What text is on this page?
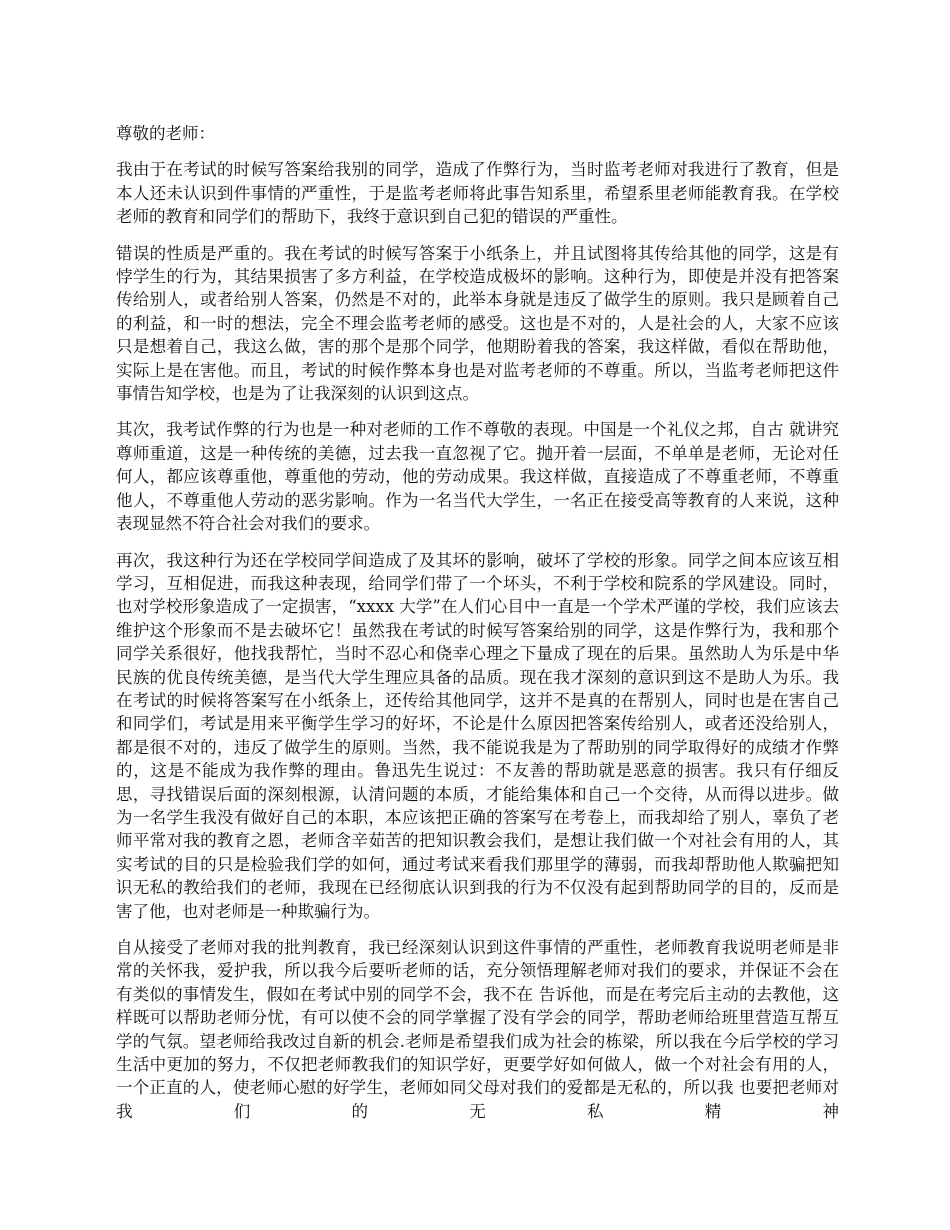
尊敬的老师：

我由于在考试的时候写答案给我别的同学，造成了作弊行为，当时监考老师对我进行了教育，但是本人还未认识到件事情的严重性，于是监考老师将此事告知系里，希望系里老师能教育我。在学校老师的教育和同学们的帮助下，我终于意识到自己犯的错误的严重性。

错误的性质是严重的。我在考试的时候写答案于小纸条上，并且试图将其传给其他的同学，这是有悖学生的行为，其结果损害了多方利益，在学校造成极坏的影响。这种行为，即使是并没有把答案传给别人，或者给别人答案，仍然是不对的，此举本身就是违反了做学生的原则。我只是顾着自己的利益，和一时的想法，完全不理会监考老师的感受。这也是不对的，人是社会的人，大家不应该只是想着自己，我这么做，害的那个是那个同学，他期盼着我的答案，我这样做，看似在帮助他，实际上是在害他。而且，考试的时候作弊本身也是对监考老师的不尊重。所以，当监考老师把这件事情告知学校，也是为了让我深刻的认识到这点。

其次，我考试作弊的行为也是一种对老师的工作不尊敬的表现。中国是一个礼仪之邦，自古 就讲究尊师重道，这是一种传统的美德，过去我一直忽视了它。抛开着一层面，不单单是老师，无论对任何人，都应该尊重他，尊重他的劳动，他的劳动成果。我这样做，直接造成了不尊重老师，不尊重他人，不尊重他人劳动的恶劣影响。作为一名当代大学生，一名正在接受高等教育的人来说，这种表现显然不符合社会对我们的要求。

再次，我这种行为还在学校同学间造成了及其坏的影响，破坏了学校的形象。同学之间本应该互相学习，互相促进，而我这种表现，给同学们带了一个坏头，不利于学校和院系的学风建设。同时，也对学校形象造成了一定损害，“xxxx 大学”在人们心目中一直是一个学术严谨的学校，我们应该去维护这个形象而不是去破坏它！虽然我在考试的时候写答案给别的同学，这是作弊行为，我和那个同学关系很好，他找我帮忙，当时不忍心和侥幸心理之下量成了现在的后果。虽然助人为乐是中华民族的优良传统美德，是当代大学生理应具备的品质。现在我才深刻的意识到这不是助人为乐。我在考试的时候将答案写在小纸条上，还传给其他同学，这并不是真的在帮别人，同时也是在害自己和同学们，考试是用来平衡学生学习的好坏，不论是什么原因把答案传给别人，或者还没给别人，都是很不对的，违反了做学生的原则。当然，我不能说我是为了帮助别的同学取得好的成绩才作弊的，这是不能成为我作弊的理由。鲁迅先生说过：不友善的帮助就是恶意的损害。我只有仔细反思，寻找错误后面的深刻根源，认清问题的本质，才能给集体和自己一个交待，从而得以进步。做为一名学生我没有做好自己的本职，本应该把正确的答案写在考卷上，而我却给了别人，辜负了老师平常对我的教育之恩，老师含辛茹苦的把知识教会我们，是想让我们做一个对社会有用的人，其实考试的目的只是检验我们学的如何，通过考试来看我们那里学的薄弱，而我却帮助他人欺骗把知识无私的教给我们的老师，我现在已经彻底认识到我的行为不仅没有起到帮助同学的目的，反而是害了他，也对老师是一种欺骗行为。

自从接受了老师对我的批判教育，我已经深刻认识到这件事情的严重性，老师教育我说明老师是非常的关怀我，爱护我，所以我今后要听老师的话，充分领悟理解老师对我们的要求，并保证不会在有类似的事情发生，假如在考试中别的同学不会，我不在 告诉他，而是在考完后主动的去教他，这样既可以帮助老师分忧，有可以使不会的同学掌握了没有学会的同学，帮助老师给班里营造互帮互学的气氛。望老师给我改过自新的机会.老师是希望我们成为社会的栋梁，所以我在今后学校的学习生活中更加的努力，不仅把老师教我们的知识学好，更要学好如何做人，做一个对社会有用的人，一个正直的人，使老师心慰的好学生，老师如同父母对我们的爱都是无私的，所以我 也要把老师对我们的无私精神
